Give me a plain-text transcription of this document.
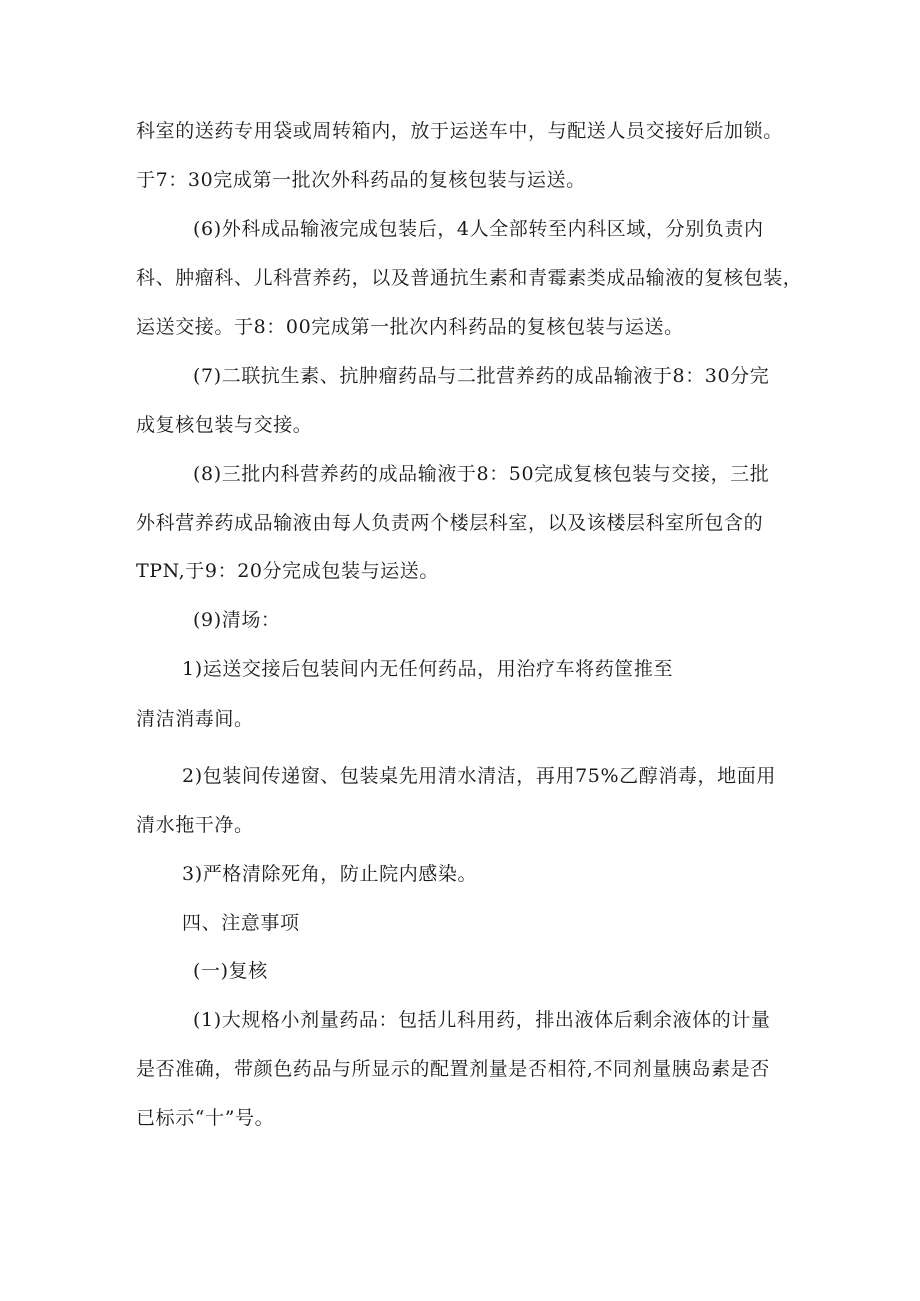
科室的送药专用袋或周转箱内，放于运送车中，与配送人员交接好后加锁。
于7：30完成第一批次外科药品的复核包装与运送。
(6)外科成品输液完成包装后，4人全部转至内科区域，分别负责内
科、肿瘤科、儿科营养药，以及普通抗生素和青霉素类成品输液的复核包装，
运送交接。于8：00完成第一批次内科药品的复核包装与运送。
(7)二联抗生素、抗肿瘤药品与二批营养药的成品输液于8：30分完
成复核包装与交接。
(8)三批内科营养药的成品输液于8：50完成复核包装与交接，三批
外科营养药成品输液由每人负责两个楼层科室，以及该楼层科室所包含的
TPN,于9：20分完成包装与运送。
(9)清场：
1)运送交接后包装间内无任何药品，用治疗车将药筐推至
清洁消毒间。
2)包装间传递窗、包装桌先用清水清洁，再用75%乙醇消毒，地面用
清水拖干净。
3)严格清除死角，防止院内感染。
四、注意事项
(一)复核
(1)大规格小剂量药品：包括儿科用药，排出液体后剩余液体的计量
是否准确，带颜色药品与所显示的配置剂量是否相符,不同剂量胰岛素是否
已标示“十”号。
